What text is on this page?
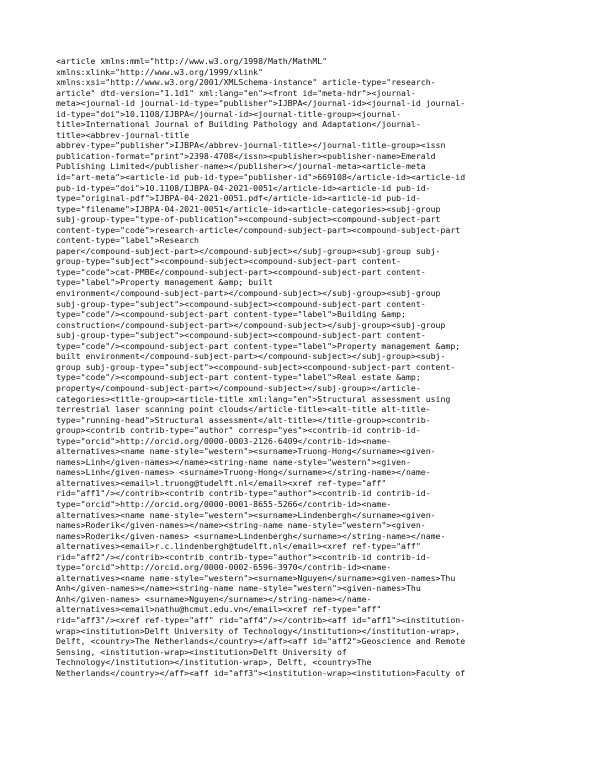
<article xmlns:mml="http://www.w3.org/1998/Math/MathML"
xmlns:xlink="http://www.w3.org/1999/xlink"
xmlns:xsi="http://www.w3.org/2001/XMLSchema-instance" article-type="research-
article" dtd-version="1.1d1" xml:lang="en"><front id="meta-hdr"><journal-
meta><journal-id journal-id-type="publisher">IJBPA</journal-id><journal-id journal-
id-type="doi">10.1108/IJBPA</journal-id><journal-title-group><journal-
title>International Journal of Building Pathology and Adaptation</journal-
title><abbrev-journal-title
abbrev-type="publisher">IJBPA</abbrev-journal-title></journal-title-group><issn
publication-format="print">2398-4708</issn><publisher><publisher-name>Emerald
Publishing Limited</publisher-name></publisher></journal-meta><article-meta
id="art-meta"><article-id pub-id-type="publisher-id">669108</article-id><article-id
pub-id-type="doi">10.1108/IJBPA-04-2021-0051</article-id><article-id pub-id-
type="original-pdf">IJBPA-04-2021-0051.pdf</article-id><article-id pub-id-
type="filename">IJBPA-04-2021-0051</article-id><article-categories><subj-group
subj-group-type="type-of-publication"><compound-subject><compound-subject-part
content-type="code">research-article</compound-subject-part><compound-subject-part
content-type="label">Research
paper</compound-subject-part></compound-subject></subj-group><subj-group subj-
group-type="subject"><compound-subject><compound-subject-part content-
type="code">cat-PMBE</compound-subject-part><compound-subject-part content-
type="label">Property management &amp; built
environment</compound-subject-part></compound-subject></subj-group><subj-group
subj-group-type="subject"><compound-subject><compound-subject-part content-
type="code"/><compound-subject-part content-type="label">Building &amp;
construction</compound-subject-part></compound-subject></subj-group><subj-group
subj-group-type="subject"><compound-subject><compound-subject-part content-
type="code"/><compound-subject-part content-type="label">Property management &amp;
built environment</compound-subject-part></compound-subject></subj-group><subj-
group subj-group-type="subject"><compound-subject><compound-subject-part content-
type="code"/><compound-subject-part content-type="label">Real estate &amp;
property</compound-subject-part></compound-subject></subj-group></article-
categories><title-group><article-title xml:lang="en">Structural assessment using
terrestrial laser scanning point clouds</article-title><alt-title alt-title-
type="running-head">Structural assessment</alt-title></title-group><contrib-
group><contrib contrib-type="author" corresp="yes"><contrib-id contrib-id-
type="orcid">http://orcid.org/0000-0003-2126-6409</contrib-id><name-
alternatives><name name-style="western"><surname>Truong-Hong</surname><given-
names>Linh</given-names></name><string-name name-style="western"><given-
names>Linh</given-names> <surname>Truong-Hong</surname></string-name></name-
alternatives><email>l.truong@tudelft.nl</email><xref ref-type="aff"
rid="aff1"/></contrib><contrib contrib-type="author"><contrib-id contrib-id-
type="orcid">http://orcid.org/0000-0001-8655-5266</contrib-id><name-
alternatives><name name-style="western"><surname>Lindenbergh</surname><given-
names>Roderik</given-names></name><string-name name-style="western"><given-
names>Roderik</given-names> <surname>Lindenbergh</surname></string-name></name-
alternatives><email>r.c.lindenbergh@tudelft.nl</email><xref ref-type="aff"
rid="aff2"/></contrib><contrib contrib-type="author"><contrib-id contrib-id-
type="orcid">http://orcid.org/0000-0002-6596-3970</contrib-id><name-
alternatives><name name-style="western"><surname>Nguyen</surname><given-names>Thu
Anh</given-names></name><string-name name-style="western"><given-names>Thu
Anh</given-names> <surname>Nguyen</surname></string-name></name-
alternatives><email>nathu@hcmut.edu.vn</email><xref ref-type="aff"
rid="aff3"/><xref ref-type="aff" rid="aff4"/></contrib><aff id="aff1"><institution-
wrap><institution>Delft University of Technology</institution></institution-wrap>,
Delft, <country>The Netherlands</country></aff><aff id="aff2">Geoscience and Remote
Sensing, <institution-wrap><institution>Delft University of
Technology</institution></institution-wrap>, Delft, <country>The
Netherlands</country></aff><aff id="aff3"><institution-wrap><institution>Faculty of
